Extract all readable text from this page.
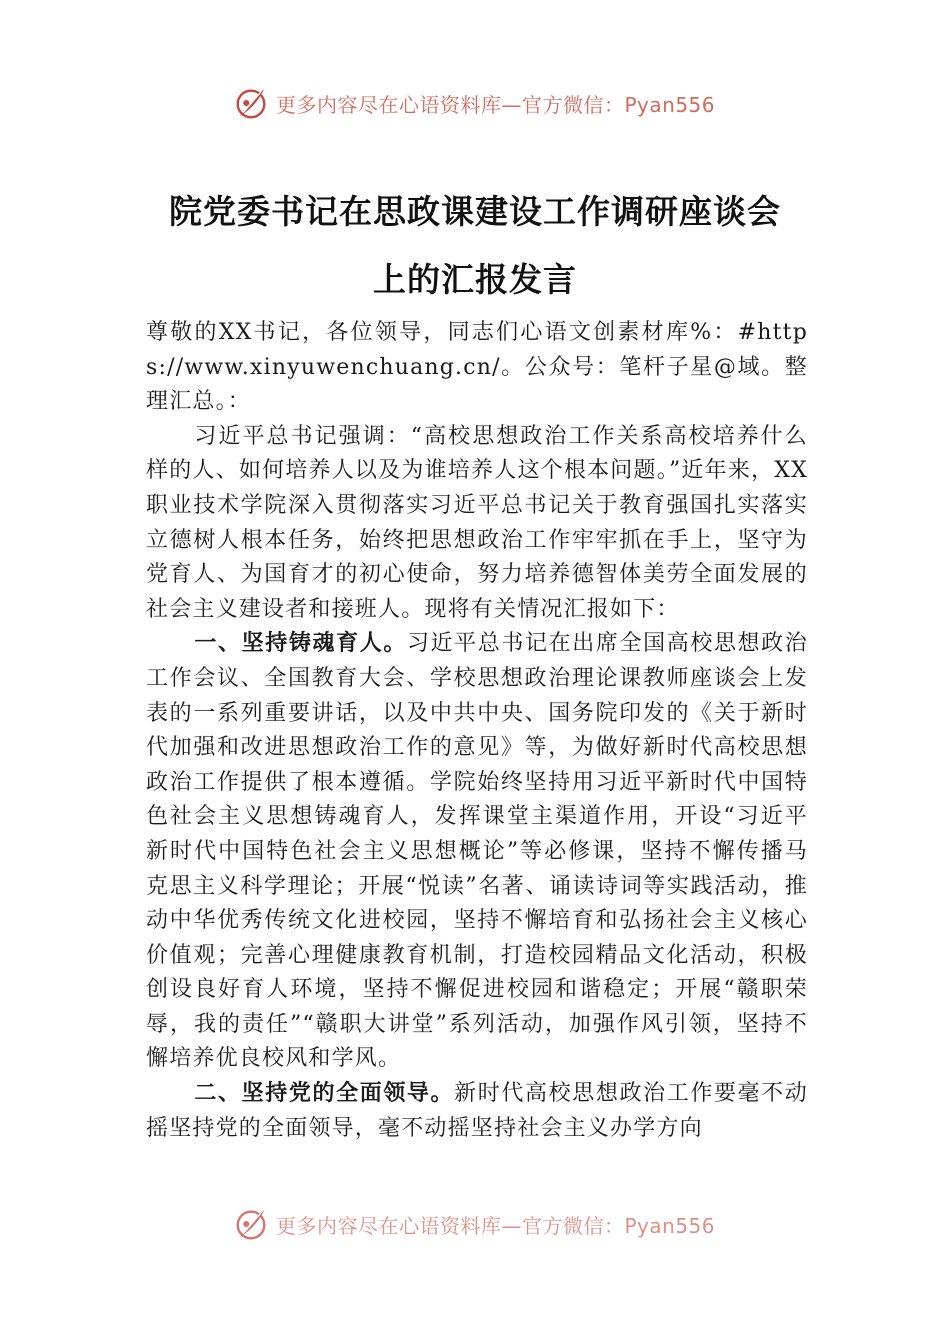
更多内容尽在心语资料库—官方微信：Pyan556
院党委书记在思政课建设工作调研座谈会
上的汇报发言

尊敬的XX书记，各位领导，同志们心语文创素材库%：#https://www.xinyuwenchuang.cn/。公众号：笔杆子星@域。整理汇总。：

习近平总书记强调：“高校思想政治工作关系高校培养什么样的人、如何培养人以及为谁培养人这个根本问题。”近年来，XX职业技术学院深入贯彻落实习近平总书记关于教育强国扎实落实立德树人根本任务，始终把思想政治工作牢牢抓在手上，坚守为党育人、为国育才的初心使命，努力培养德智体美劳全面发展的社会主义建设者和接班人。现将有关情况汇报如下：

一、坚持铸魂育人。习近平总书记在出席全国高校思想政治工作会议、全国教育大会、学校思想政治理论课教师座谈会上发表的一系列重要讲话，以及中共中央、国务院印发的《关于新时代加强和改进思想政治工作的意见》等，为做好新时代高校思想政治工作提供了根本遵循。学院始终坚持用习近平新时代中国特色社会主义思想铸魂育人，发挥课堂主渠道作用，开设“习近平新时代中国特色社会主义思想概论”等必修课，坚持不懈传播马克思主义科学理论；开展“悦读”名著、诵读诗词等实践活动，推动中华优秀传统文化进校园，坚持不懈培育和弘扬社会主义核心价值观；完善心理健康教育机制，打造校园精品文化活动，积极创设良好育人环境，坚持不懈促进校园和谐稳定；开展“赣职荣辱，我的责任”“赣职大讲堂”系列活动，加强作风引领，坚持不懈培养优良校风和学风。

二、坚持党的全面领导。新时代高校思想政治工作要毫不动摇坚持党的全面领导，毫不动摇坚持社会主义办学方向

更多内容尽在心语资料库—官方微信：Pyan556
